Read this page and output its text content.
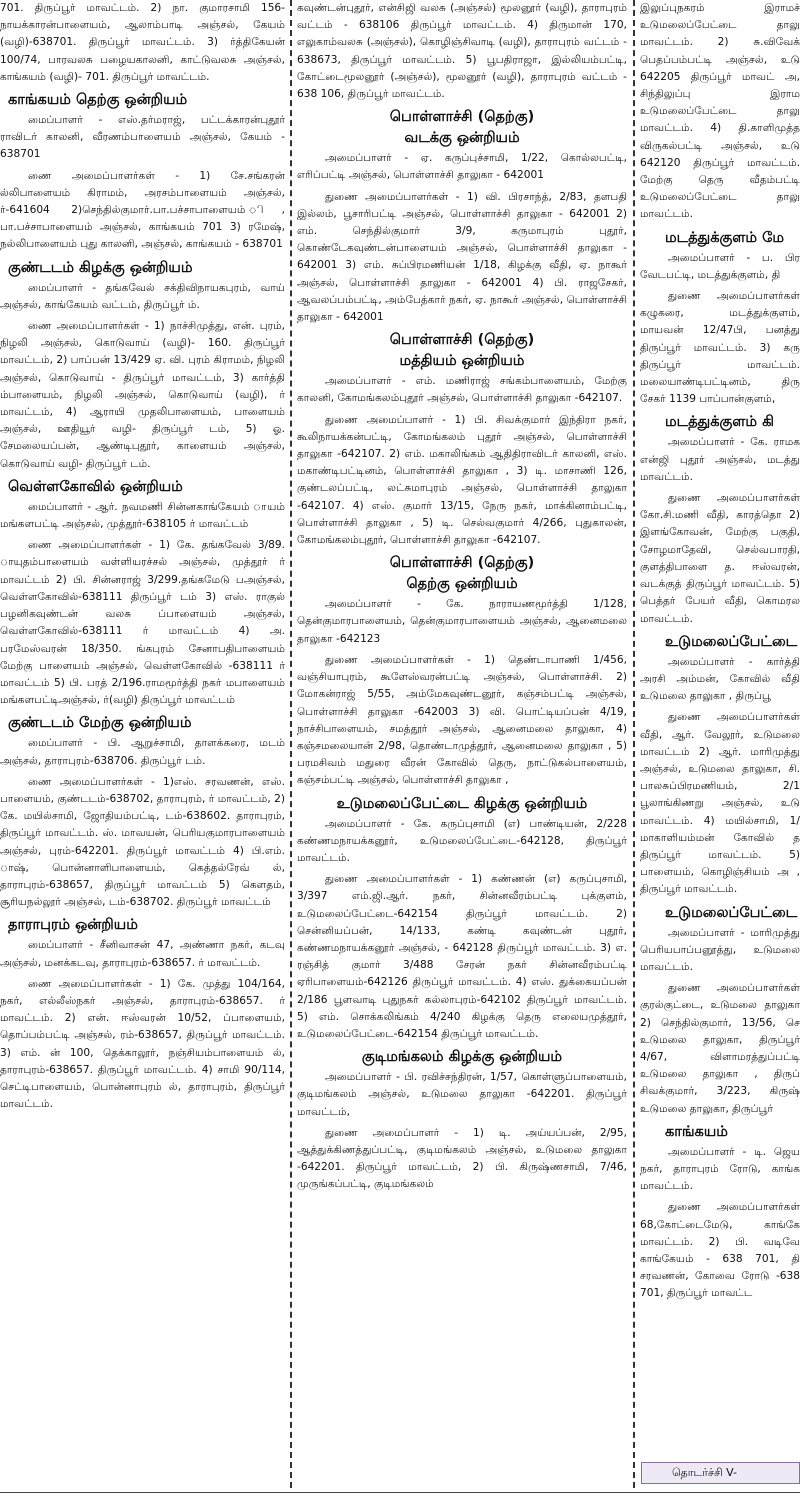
701. திருப்பூர் மாவட்டம். 2) நா. குமாரசாமி 156- நாயக்காரன்பாளையம், ஆலாம்பாடி அஞ்சல், கேயம் (வழி)-638701. திருப்பூர் மாவட்டம். 3) ர்த்திகேயன் 100/74, பாரவலசு பழையகாலனி, காட்டுவலசு அஞ்சல், காங்கயம் (வழி)- 701. திருப்பூர் மாவட்டம்.

காங்கயம் தெற்கு ஒன்றியம்

மைப்பாளர் - எஸ்.தர்மராஜ், பட்டக்காரன்புதூர் ராவிடர் காலனி, வீரணம்பாளையம் அஞ்சல், கேயம் - 638701

ணை அமைப்பாளர்கள் - 1) சே.சங்கரன் ல்லிபாளையம் கிராமம், அரசம்பாளையம் அஞ்சல், ர்-641604 2)செந்தில்குமார்.பா.பச்சாபாளையம் ி, பா.பச்சாபாளையம் அஞ்சல், காங்கயம் 701 3) ரமேஷ், நல்லிபாளையம் புது காலனி, அஞ்சல், காங்கயம் - 638701

குண்டடம் கிழக்கு ஒன்றியம்

மைப்பாளர் - தங்கவேல் சக்திவிநாயகபுரம், வாய் அஞ்சல், காங்கேயம் வட்டம், திருப்பூர் ம்.

ணை அமைப்பாளர்கள் - 1) நாச்சிமுத்து, என். புரம், நிழலி அஞ்சல், கொடுவாய் (வழி)- 160. திருப்பூர் மாவட்டம், 2) பாப்பன் 13/429 ஏ. வி. புரம் கிராமம், நிழலி அஞ்சல், கொடுவாய் - திருப்பூர் மாவட்டம், 3) கார்த்தி ம்பாளையம், நிழலி அஞ்சல், கொடுவாய் (வழி), ர் மாவட்டம், 4) ஆராயி முதலிபாளையம், பாளையம் அஞ்சல், ஊதியூர் வழி- திருப்பூர் டம், 5) ஓ. சேமலையப்பன், ஆண்டிபுதூர், காளையம் அஞ்சல், கொடுவாய் வழி- திருப்பூர் டம்.

வெள்ளகோவில் ஒன்றியம்

மைப்பாளர் - ஆர். நவமணி சின்னகாங்கேயம் ாயம் மங்களபட்டி அஞ்சல், முத்தூர்-638105 ர் மாவட்டம்

ணை அமைப்பாளர்கள் - 1) கே. தங்கவேல் 3/89. ாயுதம்பாளையம் வள்ளியரச்சல் அஞ்சல், முத்தூர் ர் மாவட்டம் 2) பி. சின்னராஜ் 3/299.தங்கமேடு பஅஞ்சல், வெள்ளகோவில்-638111 திருப்பூர் டம் 3) எஸ். ராகுல் பழனிகவுண்டன் வலசு ப்பாளையம் அஞ்சல், வெள்ளகோவில்-638111 ர் மாவட்டம் 4) அ. பரமேஸ்வரன் 18/350. ங்கபுரம் சேனாபதிபாளையம் மேற்கு பாளையம் அஞ்சல், வெள்ளகோவில் -638111 ர் மாவட்டம் 5) பி. பரத் 2/196.ராமமூர்த்தி நகர் மபாளையம் மங்களபட்டிஅஞ்சல், ர்(வழி) திருப்பூர் மாவட்டம்

குண்டடம் மேற்கு ஒன்றியம்

மைப்பாளர் - பி. ஆறுச்சாமி, தாளக்கரை, மடம் அஞ்சல், தாராபுரம்-638706. திருப்பூர் டம்.

ணை அமைப்பாளர்கள் - 1)எஸ். சரவணன், எஸ். பாளையம், குண்டடம்-638702, தாராபுரம், ர் மாவட்டம், 2) கே. மயில்சாமி, ஜோதியம்பட்டி, டம்-638602. தாராபுரம், திருப்பூர் மாவட்டம். ஸ். மாவயன், பெரியகுமாரபாளையம் அஞ்சல், புரம்-642201. திருப்பூர் மாவட்டம் 4) பி.எம். ாஷ், பொன்னாளிபாளையம், கெத்தல்ரேவ் ல், தாராபுரம்-638657, திருப்பூர் மாவட்டம் 5) கௌதம், சூரியநல்லூர் அஞ்சல், டம்-638702. திருப்பூர் மாவட்டம்

தாராபுரம் ஒன்றியம்

மைப்பாளர் - சீனிவாசன் 47, அண்ணா நகர், கடவு அஞ்சல், மனக்கடவு, தாராபுரம்-638657. ர் மாவட்டம்.

ணை அமைப்பாளர்கள் - 1) கே. முத்து 104/164, நகர், எல்லீஸ்நகர் அஞ்சல், தாராபுரம்-638657. ர் மாவட்டம். 2) என். ஈஸ்வரன் 10/52, ப்பாளையம், தொப்பம்பட்டி அஞ்சல், ரம்-638657, திருப்பூர் மாவட்டம். 3) எம். ன் 100, தெக்காலூர், நஞ்சியம்பாளையம் ல், தாராபுரம்-638657. திருப்பூர் மாவட்டம். 4) சாமி 90/114, செட்டிபாளையம், பொன்னாபுரம் ல், தாராபுரம், திருப்பூர் மாவட்டம்.

கவுண்டன்புதூர், என்சிஜி வலசு (அஞ்சல்) மூலனூர் (வழி), தாராபுரம் வட்டம் - 638106 திருப்பூர் மாவட்டம். 4) திருமான் 170, எலுகாம்வலசு (அஞ்சல்), கொழிஞ்சிவாடி (வழி), தாராபுரம் வட்டம் - 638673, திருப்பூர் மாவட்டம். 5) பூபதிராஜா, இல்லியம்பட்டி, கோட்டைமூலனூர் (அஞ்சல்), மூலனூர் (வழி), தாராபுரம் வட்டம் - 638 106, திருப்பூர் மாவட்டம்.

பொள்ளாச்சி (தெற்கு)
வடக்கு ஒன்றியம்

அமைப்பாளர் - ஏ. கருப்புச்சாமி, 1/22, கொல்லபட்டி, எரிப்பட்டி அஞ்சல், பொள்ளாச்சி தாலுகா - 642001

துணை அமைப்பாளர்கள் - 1) வி. பிரசாந்த், 2/83, தளபதி இல்லம், பூசாரிபட்டி அஞ்சல், பொள்ளாச்சி தாலுகா - 642001 2) எம். செந்தில்குமார் 3/9, கருமாபுரம் புதூர், கொண்டேகவுண்டன்பாளையம் அஞ்சல், பொள்ளாச்சி தாலுகா - 642001 3) எம். சுப்பிரமணியன் 1/18, கிழக்கு வீதி, ஏ. நாகூர் அஞ்சல், பொள்ளாச்சி தாலுகா - 642001 4) பி. ராஜசேகர், ஆவலப்பம்பட்டி, அம்பேத்கார் நகர், ஏ. நாகூர் அஞ்சல், பொள்ளாச்சி தாலுகா - 642001

பொள்ளாச்சி (தெற்கு)
மத்தியம் ஒன்றியம்

அமைப்பாளர் - எம். மணிராஜ் சங்கம்பாளையம், மேற்கு காலனி, கோமங்கலம்புதூர் அஞ்சல், பொள்ளாச்சி தாலுகா -642107.

துணை அமைப்பாளர் - 1) பி. சிவக்குமார் இந்திரா நகர், கூலிநாயக்கன்பட்டி, கோமங்கலம் புதூர் அஞ்சல், பொள்ளாச்சி தாலுகா -642107. 2) எம். மகாலிங்கம் ஆதிதிராவிடர் காலனி, எஸ். மகாண்டிபட்டினம், பொள்ளாச்சி தாலுகா , 3) டி. மாசாணி 126, குண்டலப்பட்டி, லட்சுமாபுரம் அஞ்சல், பொள்ளாச்சி தாலுகா -642107. 4) எஸ். குமார் 13/15, நேரு நகர், மாக்கினாம்பட்டி, பொள்ளாச்சி தாலுகா , 5) டி. செல்வகுமார் 4/266, புதுகாலன், கோமங்கலம்புதூர், பொள்ளாச்சி தாலுகா -642107.

பொள்ளாச்சி (தெற்கு)
தெற்கு ஒன்றியம்

அமைப்பாளர் - கே. நாராயணமூர்த்தி 1/128, தென்குமாரபாளையம், தென்குமாரபாளையம் அஞ்சல், ஆனைமலை தாலுகா -642123

துணை அமைப்பாளர்கள் - 1) தெண்டாபாணி 1/456, வஞ்சியாபுரம், கூளேஸ்வரன்பட்டி அஞ்சல், பொள்ளாச்சி. 2) மோகன்ராஜ் 5/55, அம்மேகவுண்டனூர், கஞ்சம்பட்டி அஞ்சல், பொள்ளாச்சி தாலுகா -642003 3) வி. பொட்டியப்பன் 4/19, நாச்சிபாளையம், சமத்தூர் அஞ்சல், ஆனைமலை தாலுகா, 4) கஞ்சமலையான் 2/98, தொண்டாமுத்தூர், ஆனைமலை தாலுகா , 5) பரமசிவம் மதுரை வீரன் கோவில் தெரு, நாட்டுகல்பாளையம், கஞ்சம்பட்டி அஞ்சல், பொள்ளாச்சி தாலுகா ,

உடுமலைப்பேட்டை கிழக்கு ஒன்றியம்

அமைப்பாளர் - கே. கருப்புசாமி (எ) பாண்டியன், 2/228 கண்ணமநாயக்கனூர், உடுமலைப்பேட்டை-642128, திருப்பூர் மாவட்டம்.

துணை அமைப்பாளர்கள் - 1) கண்ணன் (எ) கருப்புசாமி, 3/397 எம்.ஜி.ஆர். நகர், சின்னவீரம்பட்டி புக்குளம், உடுமலைப்பேட்டை-642154 திருப்பூர் மாவட்டம். 2) சென்னியப்பன், 14/133, கண்டி கவுண்டன் புதூர், கண்ணமநாயக்கனூர் அஞ்சல், - 642128 திருப்பூர் மாவட்டம். 3) எ. ரஞ்சித் குமார் 3/488 சேரன் நகர் சின்னவீரம்பட்டி ஏரிபாளையம்-642126 திருப்பூர் மாவட்டம். 4) எஸ். துக்கையப்பன் 2/186 பூளவாடி புதுநகர் கல்லாபுரம்-642102 திருப்பூர் மாவட்டம். 5) எம். சொக்கலிங்கம் 4/240 கிழக்கு தெரு எலையமுத்தூர், உடுமலைப்பேட்டை-642154 திருப்பூர் மாவட்டம்.

குடிமங்கலம் கிழக்கு ஒன்றியம்

அமைப்பாளர் - பி. ரவிச்சந்திரன், 1/57, கொள்ளுப்பாளையம், குடிமங்கலம் அஞ்சல், உடுமலை தாலுகா -642201. திருப்பூர் மாவட்டம்,

துணை அமைப்பாளர் - 1) டி. அய்யப்பன், 2/95, ஆத்துக்கிணத்துப்பட்டி, குடிமங்கலம் அஞ்சல், உடுமலை தாலுகா -642201. திருப்பூர் மாவட்டம், 2) பி. கிருஷ்ணசாமி, 7/46, முருங்கப்பட்டி, குடிமங்கலம்

இலுப்புநகரம் இராமச் உடுமலைப்பேட்டை தாலு மாவட்டம். 2) சு.விவேக் பெதப்பம்பட்டி அஞ்சல், உடு 642205 திருப்பூர் மாவட் அ, சிந்திலுப்பு இராம உடுமலைப்பேட்டை தாலு மாவட்டம். 4) தி.காளிமுத்த விருகல்பட்டி அஞ்சல், உடு 642120 திருப்பூர் மாவட்டம். மேற்கு தெரு வீதம்பட்டி உடுமலைப்பேட்டை தாலு மாவட்டம்.

மடத்துக்குளம் மே

அமைப்பாளர் - ப. பிர வேடபட்டி, மடத்துக்குளம், தி

துணை அமைப்பாளர்கள் கழுகரை, மடத்துக்குளம், மாயவன் 12/47பி, பனத்து திருப்பூர் மாவட்டம். 3) கரு திருப்பூர் மாவட்டம். மலையாண்டிபட்டினம், திரு சேகர் 1139 பாப்பான்குளம்,

மடத்துக்குளம் கி

அமைப்பாளர் - கே. ராமக என்ஜி புதூர் அஞ்சல், மடத்து மாவட்டம்.

துணை அமைப்பாளர்கள் கோ.சி.மணி வீதி, காரத்தொ 2) இளங்கோவன், மேற்கு பகுதி, சோழமாதேவி, செல்வபாரதி, குளத்திபாளை த. ஈஸ்வரன், வடக்குத் திருப்பூர் மாவட்டம். 5) பெத்தர் பேயர் வீதி, கொமரல மாவட்டம்.

உடுமலைப்பேட்டை

அமைப்பாளர் - கார்த்தி அரசி அம்மன், கோவில் வீதி உடுமலை தாலுகா , திருப்பூ

துணை அமைப்பாளர்கள் வீதி, ஆர். வேலூர், உடுமலை மாவட்டம் 2) ஆர். மாரிமுத்து அஞ்சல், உடுமலை தாலுகா, சி. பாலசுப்பிரமணியம், 2/1 பூலாங்கிணறு அஞ்சல், உடு மாவட்டம். 4) மயில்சாமி, 1/ மாகாளியம்மன் கோவில் த திருப்பூர் மாவட்டம். 5) பாளையம், கொழிஞ்சியம் அ , திருப்பூர் மாவட்டம்.

உடுமலைப்பேட்டை

அமைப்பாளர் - மாரிமுத்து பெரியபாப்பனூத்து, உடுமலை மாவட்டம்.

துணை அமைப்பாளர்கள் குரல்குட்டை, உடுமலை தாலுகா 2) செந்தில்குமார், 13/56, செ உடுமலை தாலுகா, திருப்பூர் 4/67, விளாமரத்துப்பட்டி உடுமலை தாலுகா , திருப் சிவக்குமார், 3/223, கிருஷ் உடுமலை தாலுகா, திருப்பூர்

காங்கயம்

அமைப்பாளர் - டி. ஜெய நகர், தாராபுரம் ரோடு, காங்க மாவட்டம்.

துணை அமைப்பாளர்கள் 68,கோட்டைமேடு, காங்கே மாவட்டம். 2) பி. வடிவே காங்கேயம் - 638 701, தி சரவணன், கோவை ரோடு -638 701, திருப்பூர் மாவட்ட

தொடர்ச்சி V-
